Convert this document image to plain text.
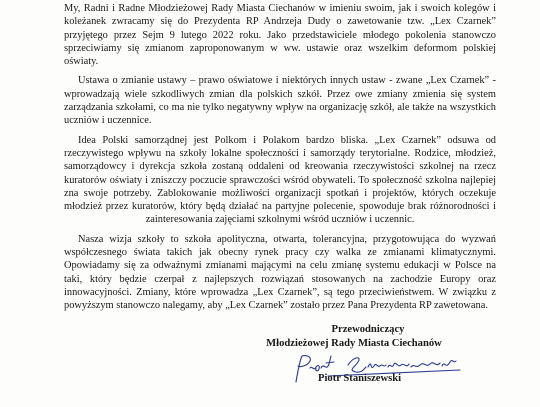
My, Radni i Radne Młodzieżowej Rady Miasta Ciechanów w imieniu swoim, jak i swoich kolegów i koleżanek zwracamy się do Prezydenta RP Andrzeja Dudy o zawetowanie tzw. „Lex Czarnek” przyjętego przez Sejm 9 lutego 2022 roku. Jako przedstawiciele młodego pokolenia stanowczo sprzeciwiamy się zmianom zaproponowanym w ww. ustawie oraz wszelkim deformom polskiej oświaty.

Ustawa o zmianie ustawy – prawo oświatowe i niektórych innych ustaw - zwane „Lex Czarnek” - wprowadzają wiele szkodliwych zmian dla polskich szkół. Przez owe zmiany zmienia się system zarządzania szkołami, co ma nie tylko negatywny wpływ na organizację szkół, ale także na wszystkich uczniów i uczennice.

Idea Polski samorządnej jest Polkom i Polakom bardzo bliska. „Lex Czarnek” odsuwa od rzeczywistego wpływu na szkoły lokalne społeczności i samorządy terytorialne. Rodzice, młodzież, samorządowcy i dyrekcja szkoła zostaną oddaleni od kreowania rzeczywistości szkolnej na rzecz kuratorów oświaty i zniszczy poczucie sprawczości wśród obywateli. To społeczność szkolna najlepiej zna swoje potrzeby. Zablokowanie możliwości organizacji spotkań i projektów, których oczekuje młodzież przez kuratorów, który będą działać na partyjne polecenie, spowoduje brak różnorodności i zainteresowania zajęciami szkolnymi wśród uczniów i uczennic.

Nasza wizja szkoły to szkoła apolityczna, otwarta, tolerancyjna, przygotowująca do wyzwań współczesnego świata takich jak obecny rynek pracy czy walka ze zmianami klimatycznymi. Opowiadamy się za odważnymi zmianami mającymi na celu zmianę systemu edukacji w Polsce na taki, który będzie czerpał z najlepszych rozwiązań stosowanych na zachodzie Europy oraz innowacyjności. Zmiany, które wprowadza „Lex Czarnek”, są tego przeciwieństwem. W związku z powyższym stanowczo nalegamy, aby „Lex Czarnek” zostało przez Pana Prezydenta RP zawetowana.

Przewodniczący
Młodzieżowej Rady Miasta Ciechanów
Piotr Staniszewski
